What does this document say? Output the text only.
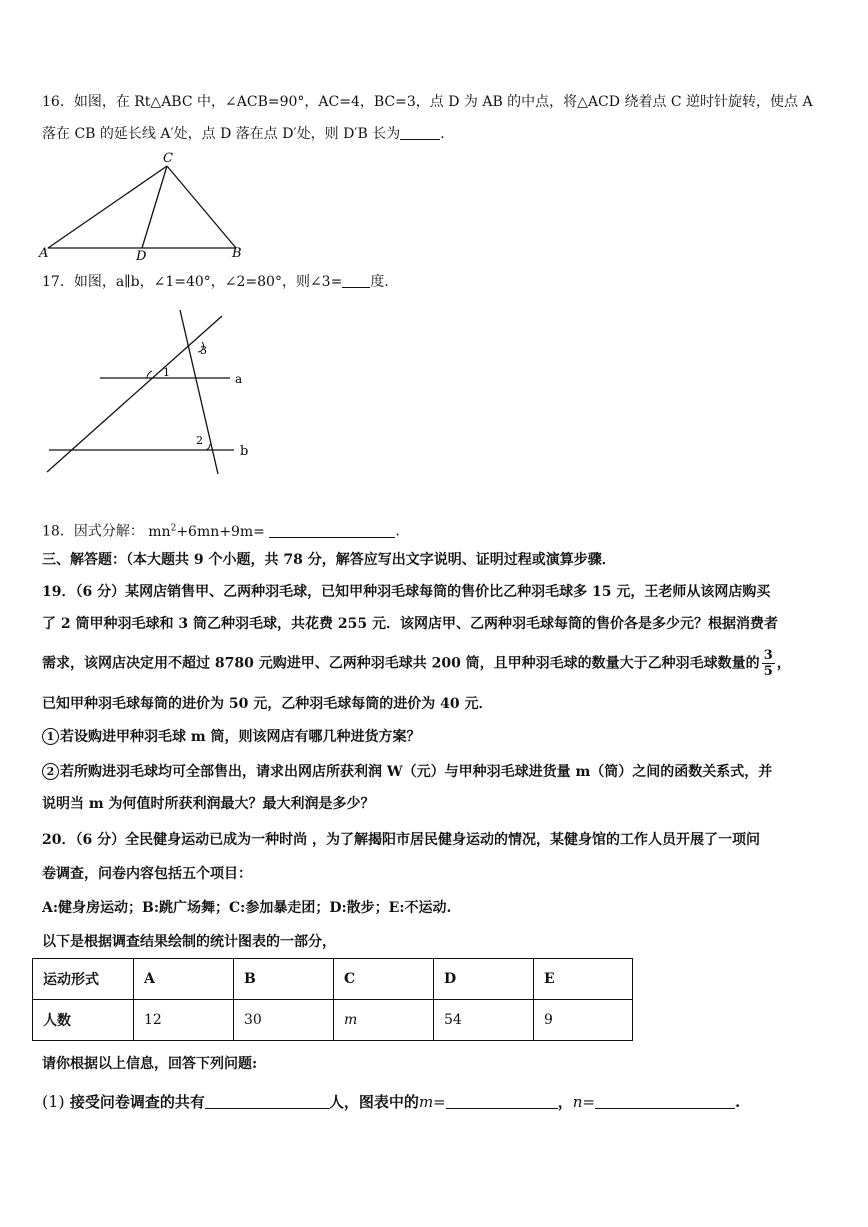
16．如图，在 Rt△ABC 中，∠ACB=90°，AC=4，BC=3，点 D 为 AB 的中点，将△ACD 绕着点 C 逆时针旋转，使点 A
落在 CB 的延长线 A′处，点 D 落在点 D′处，则 D′B 长为	．
C
A	D	B
17．如图，a∥b，∠1=40°，∠2=80°，则∠3= 度．
3
1
2
a
b
18．因式分解： $mn^2+6mn+9m=$	．
三、解答题：（本大题共 9 个小题，共 78 分，解答应写出文字说明、证明过程或演算步骤．
19．（6 分）某网店销售甲、乙两种羽毛球，已知甲种羽毛球每筒的售价比乙种羽毛球多 15 元，王老师从该网店购买
了 2 筒甲种羽毛球和 3 筒乙种羽毛球，共花费 255 元．该网店甲、乙两种羽毛球每筒的售价各是多少元？根据消费者
需求，该网店决定用不超过 8780 元购进甲、乙两种羽毛球共 200 筒，且甲种羽毛球的数量大于乙种羽毛球数量的 $\frac{3}{5}$ ，
已知甲种羽毛球每筒的进价为 50 元，乙种羽毛球每筒的进价为 40 元．
1 若设购进甲种羽毛球 m 筒，则该网店有哪几种进货方案？
2 若所购进羽毛球均可全部售出，请求出网店所获利润 W（元）与甲种羽毛球进货量 m（筒）之间的函数关系式，并
说明当 m 为何值时所获利润最大？最大利润是多少？
20．（6 分）全民健身运动已成为一种时尚 ，为了解揭阳市居民健身运动的情况，某健身馆的工作人员开展了一项问
卷调查，问卷内容包括五个项目：
A:健身房运动；B:跳广场舞；C:参加暴走团；D:散步；E:不运动.
以下是根据调查结果绘制的统计图表的一部分，
运动形式	A	B	C	D	E
人数	12	30	m	54	9
请你根据以上信息，回答下列问题:
(1) 接受问卷调查的共有	人，图表中的m=	，n=	.
